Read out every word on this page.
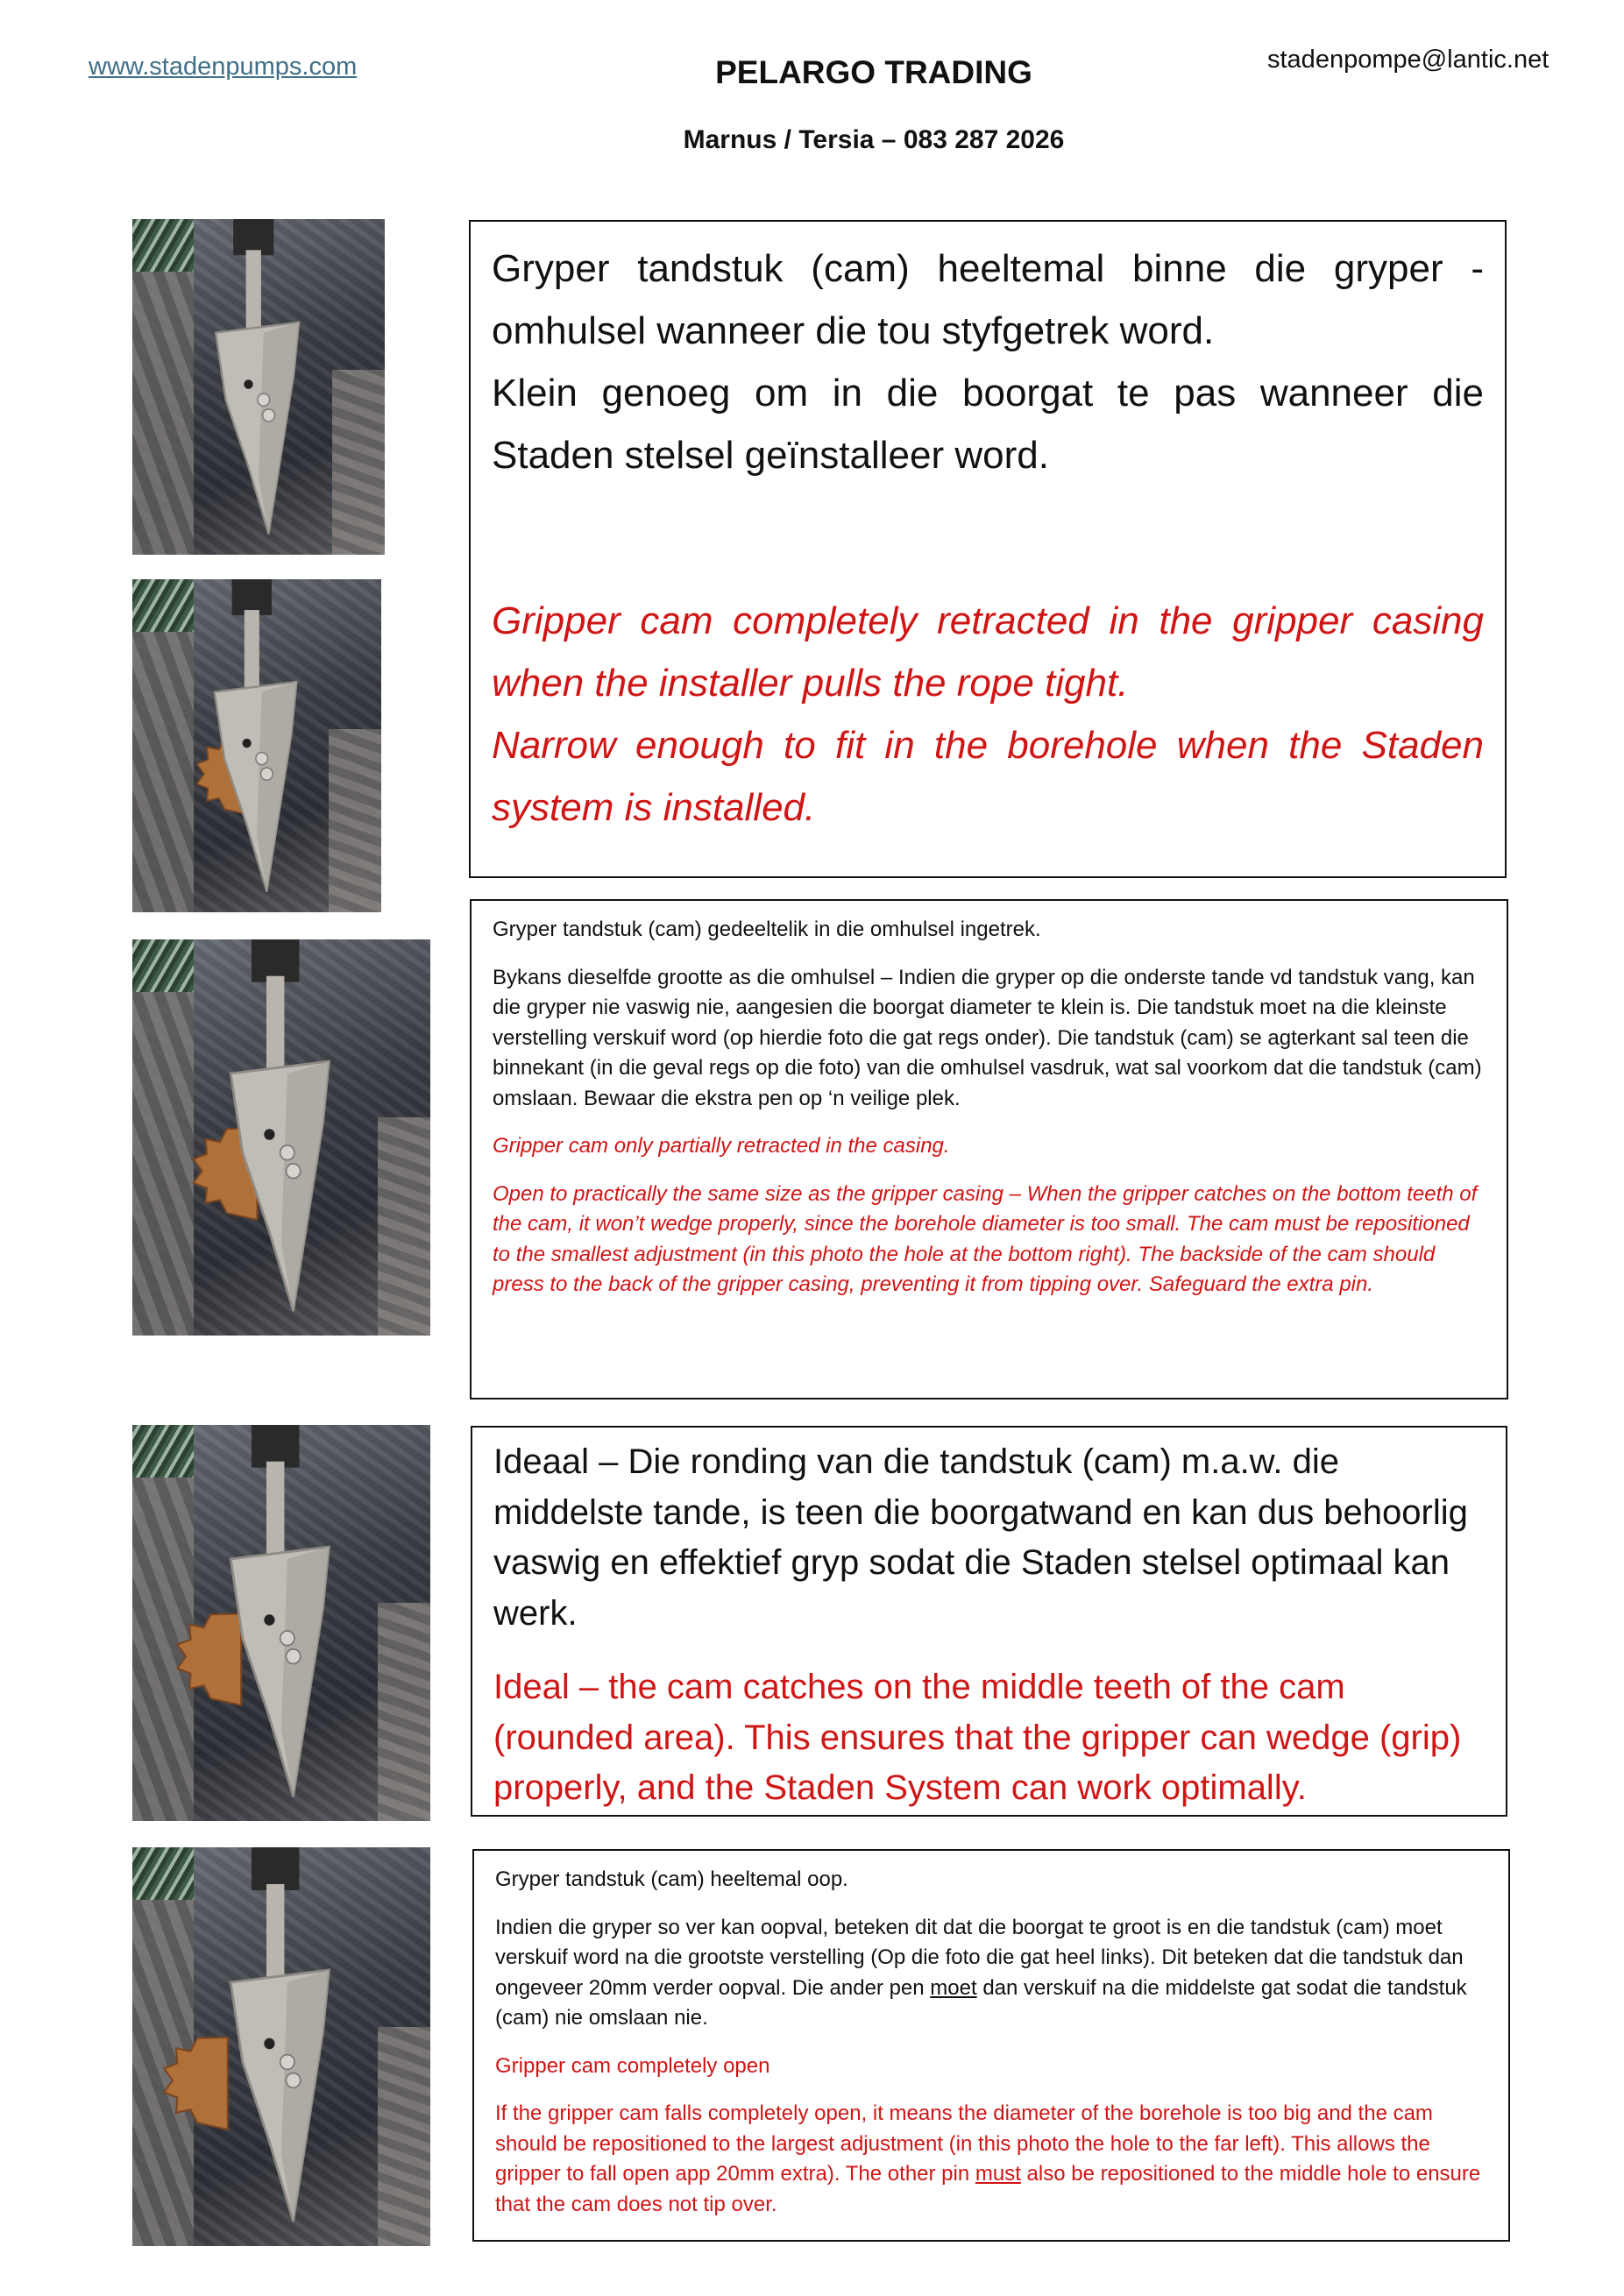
www.stadenpumps.com	PELARGO TRADING	stadenpompe@lantic.net
Marnus / Tersia – 083 287 2026

Gryper tandstuk (cam) heeltemal binne die gryper - omhulsel wanneer die tou styfgetrek word.

Klein genoeg om in die boorgat te pas wanneer die Staden stelsel geïnstalleer word.

Gripper cam completely retracted in the gripper casing when the installer pulls the rope tight.

Narrow enough to fit in the borehole when the Staden system is installed.

Gryper tandstuk (cam) gedeeltelik in die omhulsel ingetrek.

Bykans dieselfde grootte as die omhulsel – Indien die gryper op die onderste tande vd tandstuk vang, kan die gryper nie vaswig nie, aangesien die boorgat diameter te klein is. Die tandstuk moet na die kleinste verstelling verskuif word (op hierdie foto die gat regs onder). Die tandstuk (cam) se agterkant sal teen die binnekant (in die geval regs op die foto) van die omhulsel vasdruk, wat sal voorkom dat die tandstuk (cam) omslaan. Bewaar die ekstra pen op ‘n veilige plek.

Gripper cam only partially retracted in the casing.

Open to practically the same size as the gripper casing – When the gripper catches on the bottom teeth of the cam, it won’t wedge properly, since the borehole diameter is too small. The cam must be repositioned to the smallest adjustment (in this photo the hole at the bottom right). The backside of the cam should press to the back of the gripper casing, preventing it from tipping over. Safeguard the extra pin.

Ideaal – Die ronding van die tandstuk (cam) m.a.w. die middelste tande, is teen die boorgatwand en kan dus behoorlig vaswig en effektief gryp sodat die Staden stelsel optimaal kan werk.

Ideal – the cam catches on the middle teeth of the cam (rounded area). This ensures that the gripper can wedge (grip) properly, and the Staden System can work optimally.

Gryper tandstuk (cam) heeltemal oop.

Indien die gryper so ver kan oopval, beteken dit dat die boorgat te groot is en die tandstuk (cam) moet verskuif word na die grootste verstelling (Op die foto die gat heel links). Dit beteken dat die tandstuk dan ongeveer 20mm verder oopval. Die ander pen moet dan verskuif na die middelste gat sodat die tandstuk (cam) nie omslaan nie.

Gripper cam completely open

If the gripper cam falls completely open, it means the diameter of the borehole is too big and the cam should be repositioned to the largest adjustment (in this photo the hole to the far left). This allows the gripper to fall open app 20mm extra). The other pin must also be repositioned to the middle hole to ensure that the cam does not tip over.
